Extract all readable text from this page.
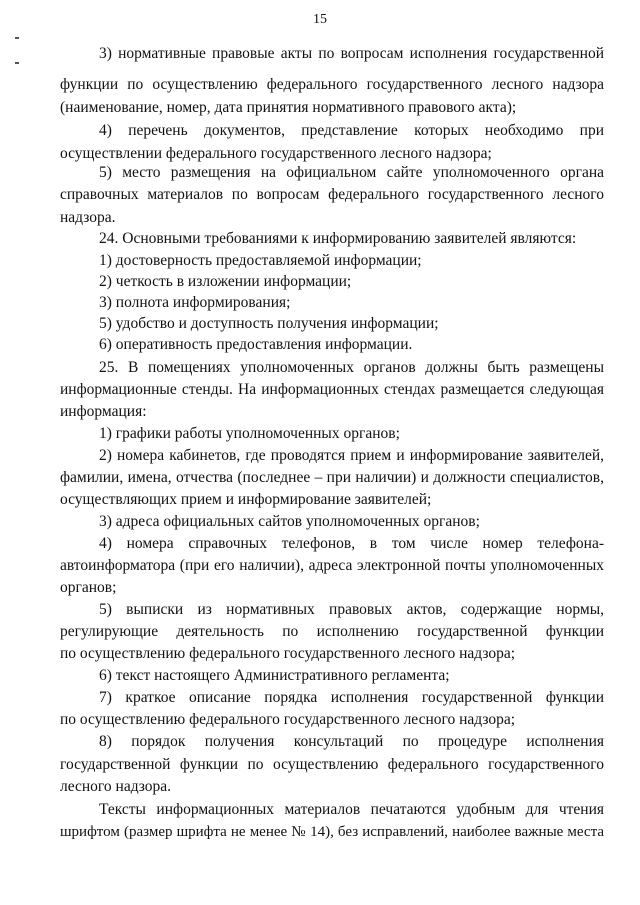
15
3) нормативные правовые акты по вопросам исполнения государственной
функции по осуществлению федерального государственного лесного надзора
(наименование, номер, дата принятия нормативного правового акта);
4) перечень документов, представление которых необходимо при
осуществлении федерального государственного лесного надзора;
5) место размещения на официальном сайте уполномоченного органа
справочных материалов по вопросам федерального государственного лесного
надзора.
24. Основными требованиями к информированию заявителей являются:
1) достоверность предоставляемой информации;
2) четкость в изложении информации;
3) полнота информирования;
5) удобство и доступность получения информации;
6) оперативность предоставления информации.
25. В помещениях уполномоченных органов должны быть размещены
информационные стенды. На информационных стендах размещается следующая
информация:
1) графики работы уполномоченных органов;
2) номера кабинетов, где проводятся прием и информирование заявителей,
фамилии, имена, отчества (последнее – при наличии) и должности специалистов,
осуществляющих прием и информирование заявителей;
3) адреса официальных сайтов уполномоченных органов;
4) номера справочных телефонов, в том числе номер телефона-
автоинформатора (при его наличии), адреса электронной почты уполномоченных
органов;
5) выписки из нормативных правовых актов, содержащие нормы,
регулирующие деятельность по исполнению государственной функции
по осуществлению федерального государственного лесного надзора;
6) текст настоящего Административного регламента;
7) краткое описание порядка исполнения государственной функции
по осуществлению федерального государственного лесного надзора;
8) порядок получения консультаций по процедуре исполнения
государственной функции по осуществлению федерального государственного
лесного надзора.
Тексты информационных материалов печатаются удобным для чтения
шрифтом (размер шрифта не менее № 14), без исправлений, наиболее важные места
